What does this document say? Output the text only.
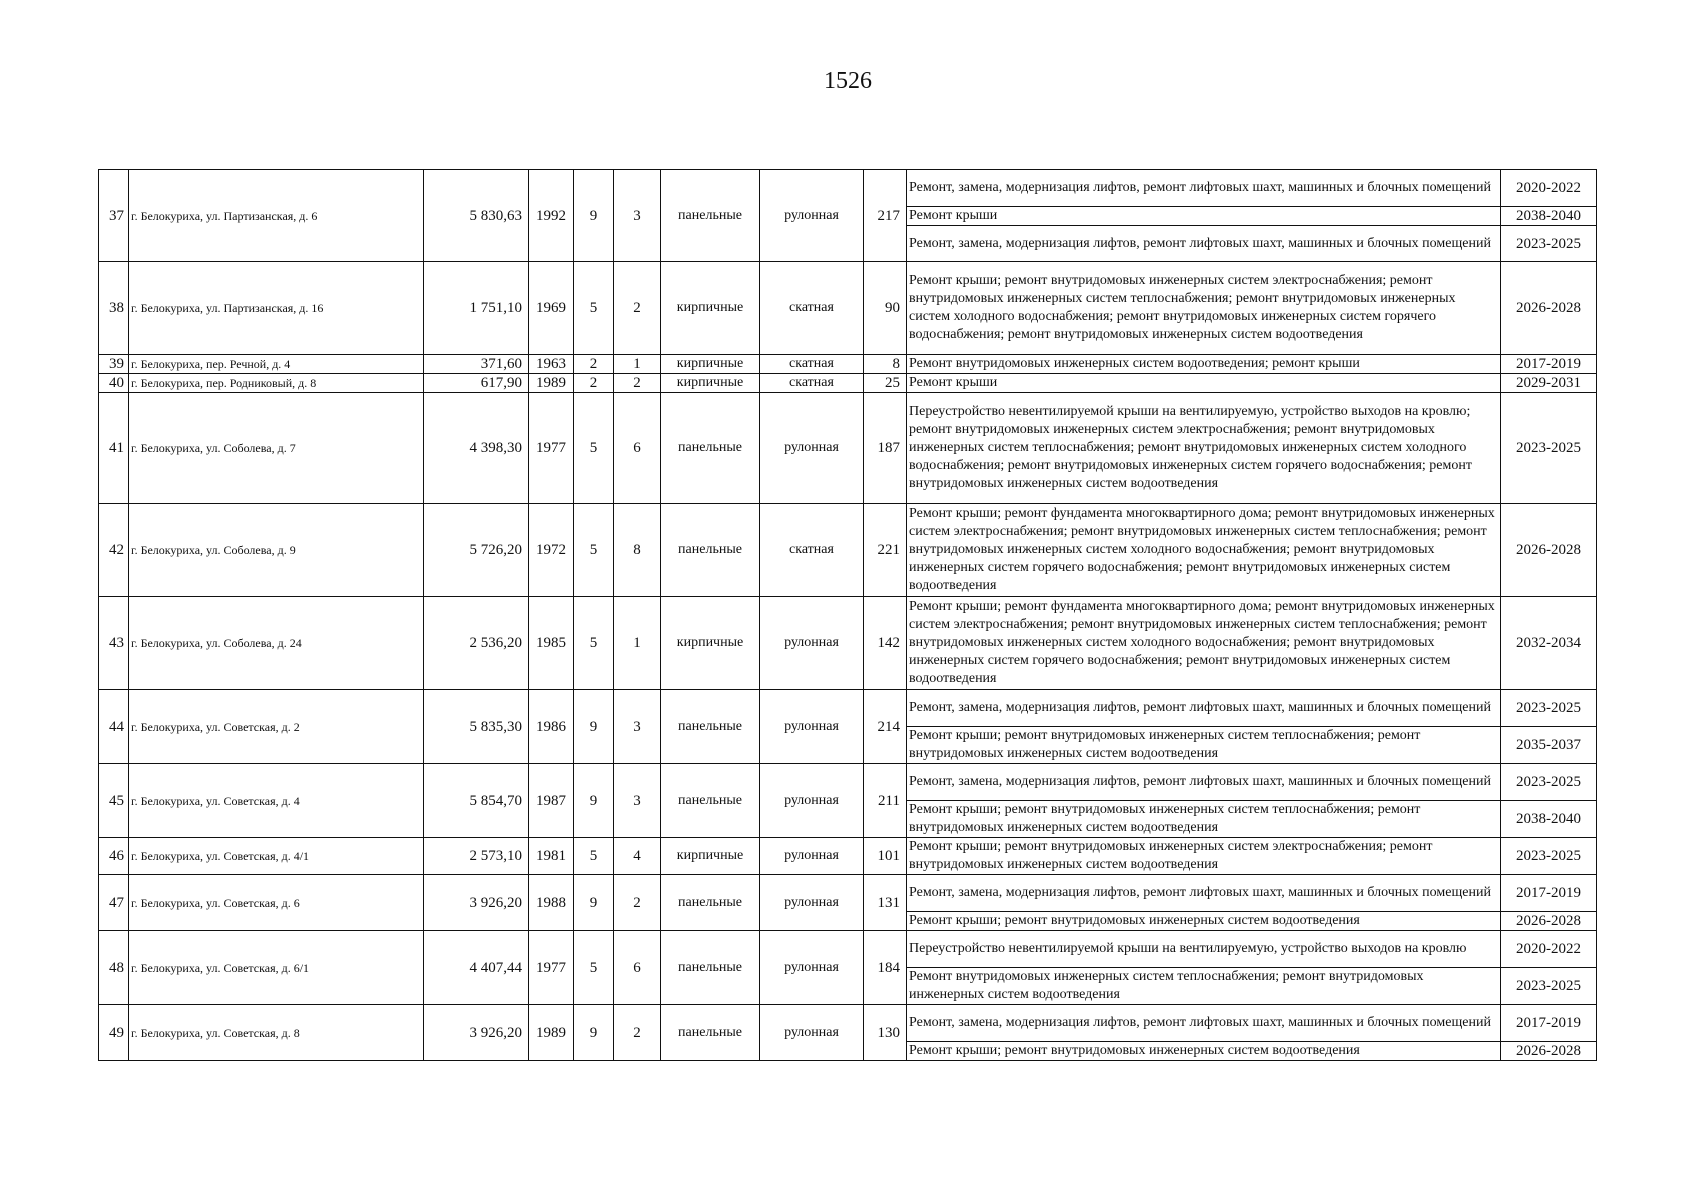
1526
37	г. Белокуриха, ул. Партизанская, д. 6	5 830,63	1992	9	3	панельные	рулонная	217	Ремонт, замена, модернизация лифтов, ремонт лифтовых шахт, машинных и блочных помещений	2020-2022
									Ремонт крыши	2038-2040
									Ремонт, замена, модернизация лифтов, ремонт лифтовых шахт, машинных и блочных помещений	2023-2025
38	г. Белокуриха, ул. Партизанская, д. 16	1 751,10	1969	5	2	кирпичные	скатная	90	Ремонт крыши; ремонт внутридомовых инженерных систем электроснабжения; ремонт внутридомовых инженерных систем теплоснабжения; ремонт внутридомовых инженерных систем холодного водоснабжения; ремонт внутридомовых инженерных систем горячего водоснабжения; ремонт внутридомовых инженерных систем водоотведения	2026-2028
39	г. Белокуриха, пер. Речной, д. 4	371,60	1963	2	1	кирпичные	скатная	8	Ремонт внутридомовых инженерных систем водоотведения; ремонт крыши	2017-2019
40	г. Белокуриха, пер. Родниковый, д. 8	617,90	1989	2	2	кирпичные	скатная	25	Ремонт крыши	2029-2031
41	г. Белокуриха, ул. Соболева, д. 7	4 398,30	1977	5	6	панельные	рулонная	187	Переустройство невентилируемой крыши на вентилируемую, устройство выходов на кровлю; ремонт внутридомовых инженерных систем электроснабжения; ремонт внутридомовых инженерных систем теплоснабжения; ремонт внутридомовых инженерных систем холодного водоснабжения; ремонт внутридомовых инженерных систем горячего водоснабжения; ремонт внутридомовых инженерных систем водоотведения	2023-2025
42	г. Белокуриха, ул. Соболева, д. 9	5 726,20	1972	5	8	панельные	скатная	221	Ремонт крыши; ремонт фундамента многоквартирного дома; ремонт внутридомовых инженерных систем электроснабжения; ремонт внутридомовых инженерных систем теплоснабжения; ремонт внутридомовых инженерных систем холодного водоснабжения; ремонт внутридомовых инженерных систем горячего водоснабжения; ремонт внутридомовых инженерных систем водоотведения	2026-2028
43	г. Белокуриха, ул. Соболева, д. 24	2 536,20	1985	5	1	кирпичные	рулонная	142	Ремонт крыши; ремонт фундамента многоквартирного дома; ремонт внутридомовых инженерных систем электроснабжения; ремонт внутридомовых инженерных систем теплоснабжения; ремонт внутридомовых инженерных систем холодного водоснабжения; ремонт внутридомовых инженерных систем горячего водоснабжения; ремонт внутридомовых инженерных систем водоотведения	2032-2034
44	г. Белокуриха, ул. Советская, д. 2	5 835,30	1986	9	3	панельные	рулонная	214	Ремонт, замена, модернизация лифтов, ремонт лифтовых шахт, машинных и блочных помещений	2023-2025
									Ремонт крыши; ремонт внутридомовых инженерных систем теплоснабжения; ремонт внутридомовых инженерных систем водоотведения	2035-2037
45	г. Белокуриха, ул. Советская, д. 4	5 854,70	1987	9	3	панельные	рулонная	211	Ремонт, замена, модернизация лифтов, ремонт лифтовых шахт, машинных и блочных помещений	2023-2025
									Ремонт крыши; ремонт внутридомовых инженерных систем теплоснабжения; ремонт внутридомовых инженерных систем водоотведения	2038-2040
46	г. Белокуриха, ул. Советская, д. 4/1	2 573,10	1981	5	4	кирпичные	рулонная	101	Ремонт крыши; ремонт внутридомовых инженерных систем электроснабжения; ремонт внутридомовых инженерных систем водоотведения	2023-2025
47	г. Белокуриха, ул. Советская, д. 6	3 926,20	1988	9	2	панельные	рулонная	131	Ремонт, замена, модернизация лифтов, ремонт лифтовых шахт, машинных и блочных помещений	2017-2019
									Ремонт крыши; ремонт внутридомовых инженерных систем водоотведения	2026-2028
48	г. Белокуриха, ул. Советская, д. 6/1	4 407,44	1977	5	6	панельные	рулонная	184	Переустройство невентилируемой крыши на вентилируемую, устройство выходов на кровлю	2020-2022
									Ремонт внутридомовых инженерных систем теплоснабжения; ремонт внутридомовых инженерных систем водоотведения	2023-2025
49	г. Белокуриха, ул. Советская, д. 8	3 926,20	1989	9	2	панельные	рулонная	130	Ремонт, замена, модернизация лифтов, ремонт лифтовых шахт, машинных и блочных помещений	2017-2019
									Ремонт крыши; ремонт внутридомовых инженерных систем водоотведения	2026-2028
